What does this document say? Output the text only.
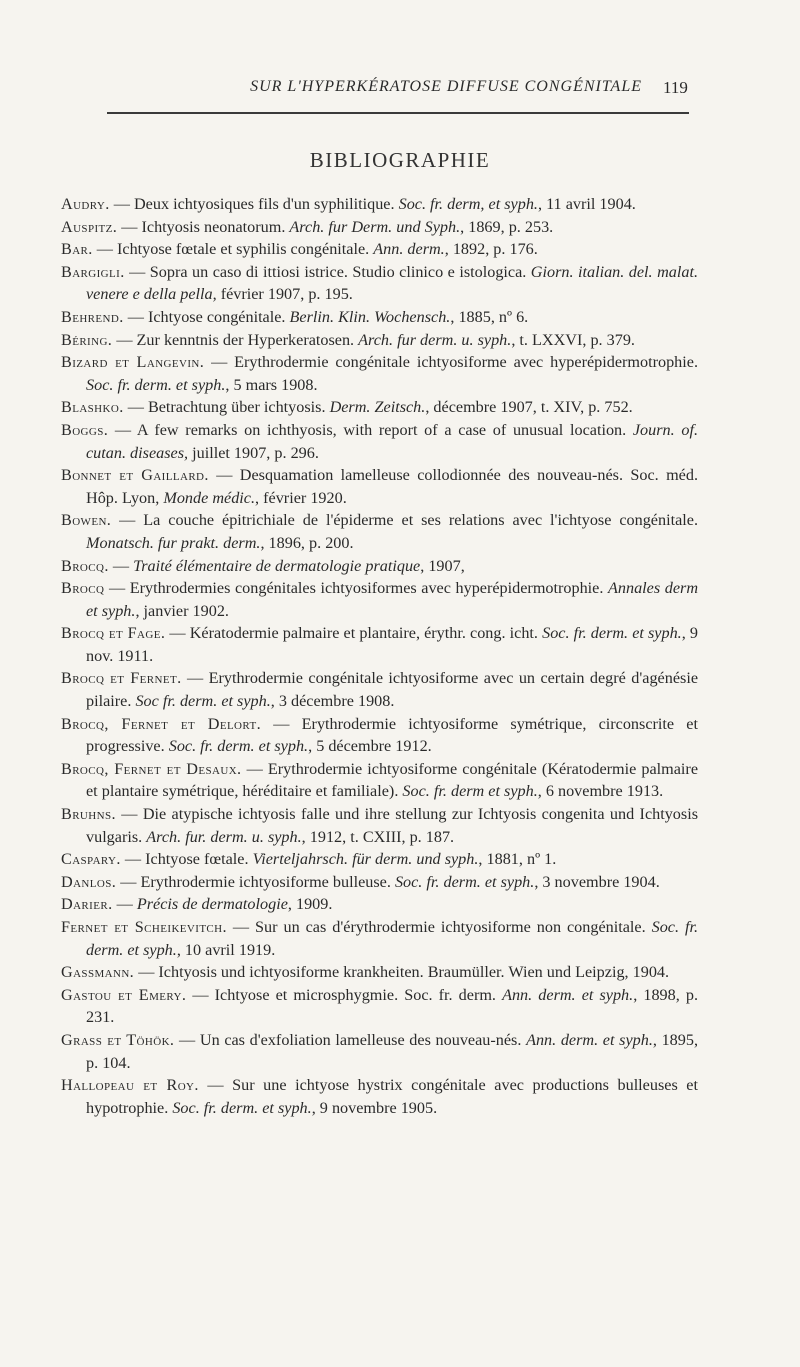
SUR L'HYPERKÉRATOSE DIFFUSE CONGÉNITALE	119
BIBLIOGRAPHIE

Audry. — Deux ichtyosiques fils d'un syphilitique. Soc. fr. derm, et syph., 11 avril 1904.

Auspitz. — Ichtyosis neonatorum. Arch. fur Derm. und Syph., 1869, p. 253.

Bar. — Ichtyose fœtale et syphilis congénitale. Ann. derm., 1892, p. 176.

Bargigli. — Sopra un caso di ittiosi istrice. Studio clinico e istologica. Giorn. italian. del. malat. venere e della pella, février 1907, p. 195.

Behrend. — Ichtyose congénitale. Berlin. Klin. Wochensch., 1885, nº 6.

Béring. — Zur kenntnis der Hyperkeratosen. Arch. fur derm. u. syph., t. LXXVI, p. 379.

Bizard et Langevin. — Erythrodermie congénitale ichtyosiforme avec hyperépidermotrophie. Soc. fr. derm. et syph., 5 mars 1908.

Blashko. — Betrachtung über ichtyosis. Derm. Zeitsch., décembre 1907, t. XIV, p. 752.

Boggs. — A few remarks on ichthyosis, with report of a case of unusual location. Journ. of. cutan. diseases, juillet 1907, p. 296.

Bonnet et Gaillard. — Desquamation lamelleuse collodionnée des nouveau-nés. Soc. méd. Hôp. Lyon, Monde médic., février 1920.

Bowen. — La couche épitrichiale de l'épiderme et ses relations avec l'ichtyose congénitale. Monatsch. fur prakt. derm., 1896, p. 200.

Brocq. — Traité élémentaire de dermatologie pratique, 1907,

Brocq — Erythrodermies congénitales ichtyosiformes avec hyperépidermotrophie. Annales derm et syph., janvier 1902.

Brocq et Fage. — Kératodermie palmaire et plantaire, érythr. cong. icht. Soc. fr. derm. et syph., 9 nov. 1911.

Brocq et Fernet. — Erythrodermie congénitale ichtyosiforme avec un certain degré d'agénésie pilaire. Soc fr. derm. et syph., 3 décembre 1908.

Brocq, Fernet et Delort. — Erythrodermie ichtyosiforme symétrique, circonscrite et progressive. Soc. fr. derm. et syph., 5 décembre 1912.

Brocq, Fernet et Desaux. — Erythrodermie ichtyosiforme congénitale (Kératodermie palmaire et plantaire symétrique, héréditaire et familiale). Soc. fr. derm et syph., 6 novembre 1913.

Bruhns. — Die atypische ichtyosis falle und ihre stellung zur Ichtyosis congenita und Ichtyosis vulgaris. Arch. fur. derm. u. syph., 1912, t. CXIII, p. 187.

Caspary. — Ichtyose fœtale. Vierteljahrsch. für derm. und syph., 1881, nº 1.

Danlos. — Erythrodermie ichtyosiforme bulleuse. Soc. fr. derm. et syph., 3 novembre 1904.

Darier. — Précis de dermatologie, 1909.

Fernet et Scheikevitch. — Sur un cas d'érythrodermie ichtyosiforme non congénitale. Soc. fr. derm. et syph., 10 avril 1919.

Gassmann. — Ichtyosis und ichtyosiforme krankheiten. Braumüller. Wien und Leipzig, 1904.

Gastou et Emery. — Ichtyose et microsphygmie. Soc. fr. derm. Ann. derm. et syph., 1898, p. 231.

Grass et Töhök. — Un cas d'exfoliation lamelleuse des nouveau-nés. Ann. derm. et syph., 1895, p. 104.

Hallopeau et Roy. — Sur une ichtyose hystrix congénitale avec productions bulleuses et hypotrophie. Soc. fr. derm. et syph., 9 novembre 1905.
